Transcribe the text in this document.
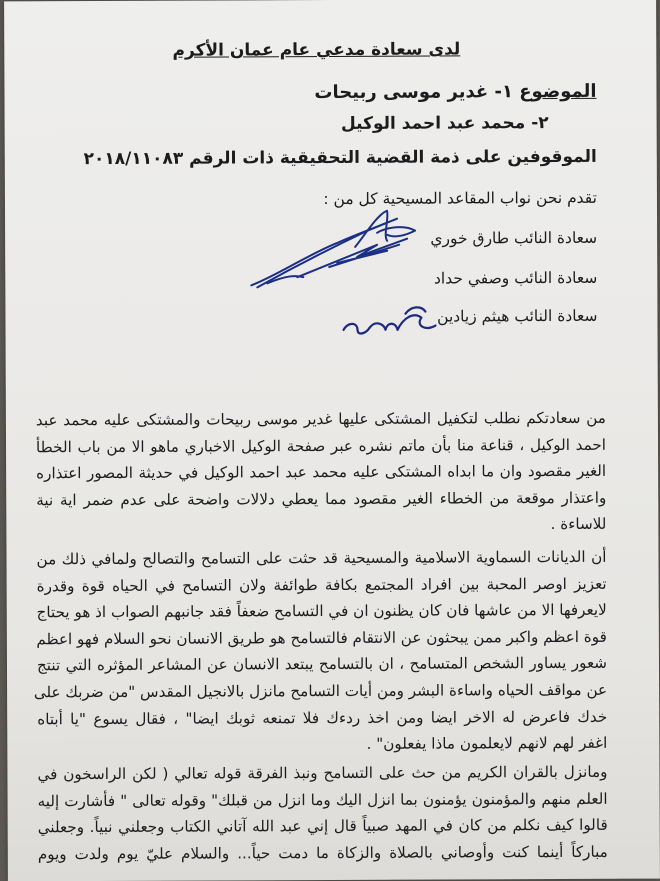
لدى سعادة مدعي عام عمان الأكرم
الموضوع ١- غدير موسى ربيحات
٢- محمد عبد احمد الوكيل
الموقوفين على ذمة القضية التحقيقية ذات الرقم ٢٠١٨/١١٠٨٣
تقدم نحن نواب المقاعد المسيحية كل من :
سعادة النائب طارق خوري
سعادة النائب وصفي حداد
سعادة النائب هيثم زيادين
من سعادتكم نطلب لتكفيل المشتكى عليها غدير موسى ربيحات والمشتكى عليه محمد عبد
احمد الوكيل ، قناعة منا بأن ماتم نشره عبر صفحة الوكيل الاخباري ماهو الا من باب الخطأ
الغير مقصود وان ما ابداه المشتكى عليه محمد عبد احمد الوكيل في حديثة المصور اعتذاره
واعتذار موقعة من الخطاء الغير مقصود مما يعطي دلالات واضحة على عدم ضمر اية نية
للاساءة .
أن الديانات السماوية الاسلامية والمسيحية قد حثت على التسامح والتصالح ولمافي ذلك من
تعزيز اوصر المحبة بين افراد المجتمع بكافة طوائفة ولان التسامح في الحياه قوة وقدرة
لايعرفها الا من عاشها فان كان يظنون ان في التسامح ضعفاً فقد جانبهم الصواب اذ هو يحتاج
قوة اعظم واكبر ممن يبحثون عن الانتقام فالتسامح هو طريق الانسان نحو السلام فهو اعظم
شعور يساور الشخص المتسامح ، ان بالتسامح يبتعد الانسان عن المشاعر المؤثره التي تنتج
عن مواقف الحياه واساءة البشر ومن أيات التسامح مانزل بالانجيل المقدس "من ضربك على
خدك فاعرض له الاخر ايضا ومن اخذ ردءك فلا تمنعه ثوبك ايضا" ، فقال يسوع "يا أبتاه
اغفر لهم لانهم لايعلمون ماذا يفعلون" .
ومانزل بالقران الكريم من حث على التسامح ونبذ الفرقة قوله تعالي ( لكن الراسخون في
العلم منهم والمؤمنون يؤمنون بما انزل اليك وما انزل من قبلك" وقوله تعالى " فأشارت إليه
قالوا كيف نكلم من كان في المهد صبياً قال إني عبد الله آتاني الكتاب وجعلني نبياً. وجعلني
مباركاً أينما كنت وأوصاني بالصلاة والزكاة ما دمت حياً... والسلام عليّ يوم ولدت ويوم
